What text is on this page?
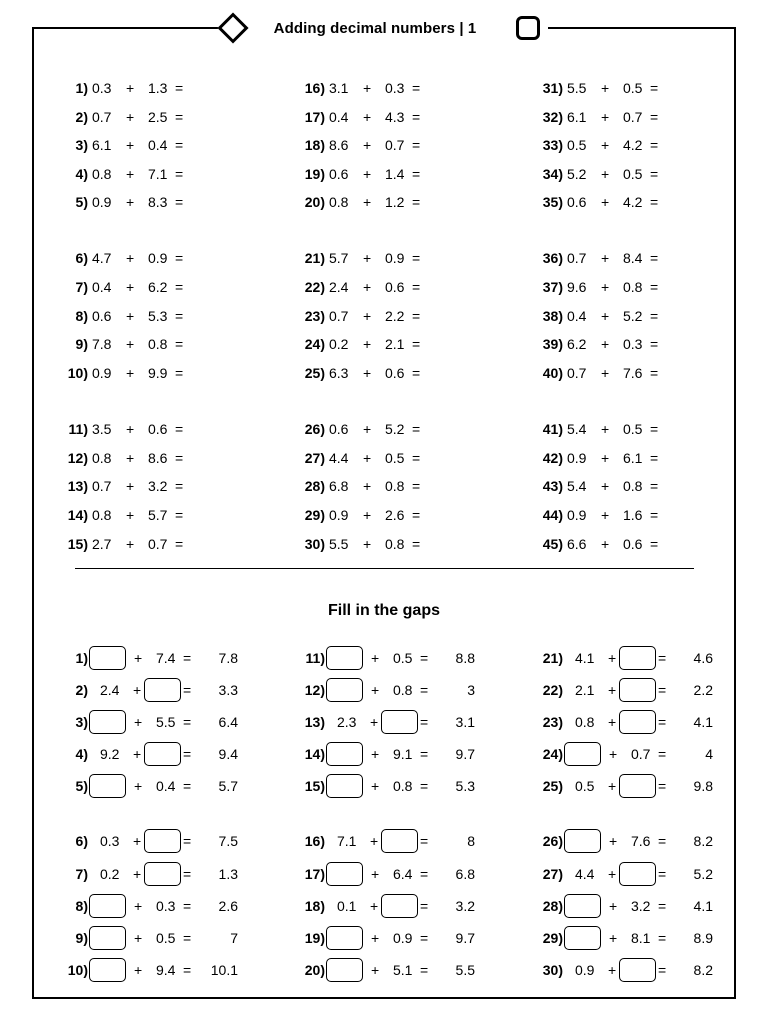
Adding decimal numbers | 1
1) 0.3 + 1.3 =
2) 0.7 + 2.5 =
3) 6.1 + 0.4 =
4) 0.8 + 7.1 =
5) 0.9 + 8.3 =
6) 4.7 + 0.9 =
7) 0.4 + 6.2 =
8) 0.6 + 5.3 =
9) 7.8 + 0.8 =
10) 0.9 + 9.9 =
11) 3.5 + 0.6 =
12) 0.8 + 8.6 =
13) 0.7 + 3.2 =
14) 0.8 + 5.7 =
15) 2.7 + 0.7 =
16) 3.1 + 0.3 =
17) 0.4 + 4.3 =
18) 8.6 + 0.7 =
19) 0.6 + 1.4 =
20) 0.8 + 1.2 =
21) 5.7 + 0.9 =
22) 2.4 + 0.6 =
23) 0.7 + 2.2 =
24) 0.2 + 2.1 =
25) 6.3 + 0.6 =
26) 0.6 + 5.2 =
27) 4.4 + 0.5 =
28) 6.8 + 0.8 =
29) 0.9 + 2.6 =
30) 5.5 + 0.8 =
31) 5.5 + 0.5 =
32) 6.1 + 0.7 =
33) 0.5 + 4.2 =
34) 5.2 + 0.5 =
35) 0.6 + 4.2 =
36) 0.7 + 8.4 =
37) 9.6 + 0.8 =
38) 0.4 + 5.2 =
39) 6.2 + 0.3 =
40) 0.7 + 7.6 =
41) 5.4 + 0.5 =
42) 0.9 + 6.1 =
43) 5.4 + 0.8 =
44) 0.9 + 1.6 =
45) 6.6 + 0.6 =
Fill in the gaps
1)	+ 7.4 = 7.8
2) 2.4 +	= 3.3
3)	+ 5.5 = 6.4
4) 9.2 +	= 9.4
5)	+ 0.4 = 5.7
6) 0.3 +	= 7.5
7) 0.2 +	= 1.3
8)	+ 0.3 = 2.6
9)	+ 0.5 =	7
10)	+ 9.4 = 10.1
11)	+ 0.5 = 8.8
12)	+ 0.8 =	3
13) 2.3 +	= 3.1
14)	+ 9.1 = 9.7
15)	+ 0.8 = 5.3
16) 7.1 +	=	8
17)	+ 6.4 = 6.8
18) 0.1 +	= 3.2
19)	+ 0.9 = 9.7
20)	+ 5.1 = 5.5
21) 4.1 +	= 4.6
22) 2.1 +	= 2.2
23) 0.8 +	= 4.1
24)	+ 0.7 =	4
25) 0.5 +	= 9.8
26)	+ 7.6 = 8.2
27) 4.4 +	= 5.2
28)	+ 3.2 = 4.1
29)	+ 8.1 = 8.9
30) 0.9 +	= 8.2
